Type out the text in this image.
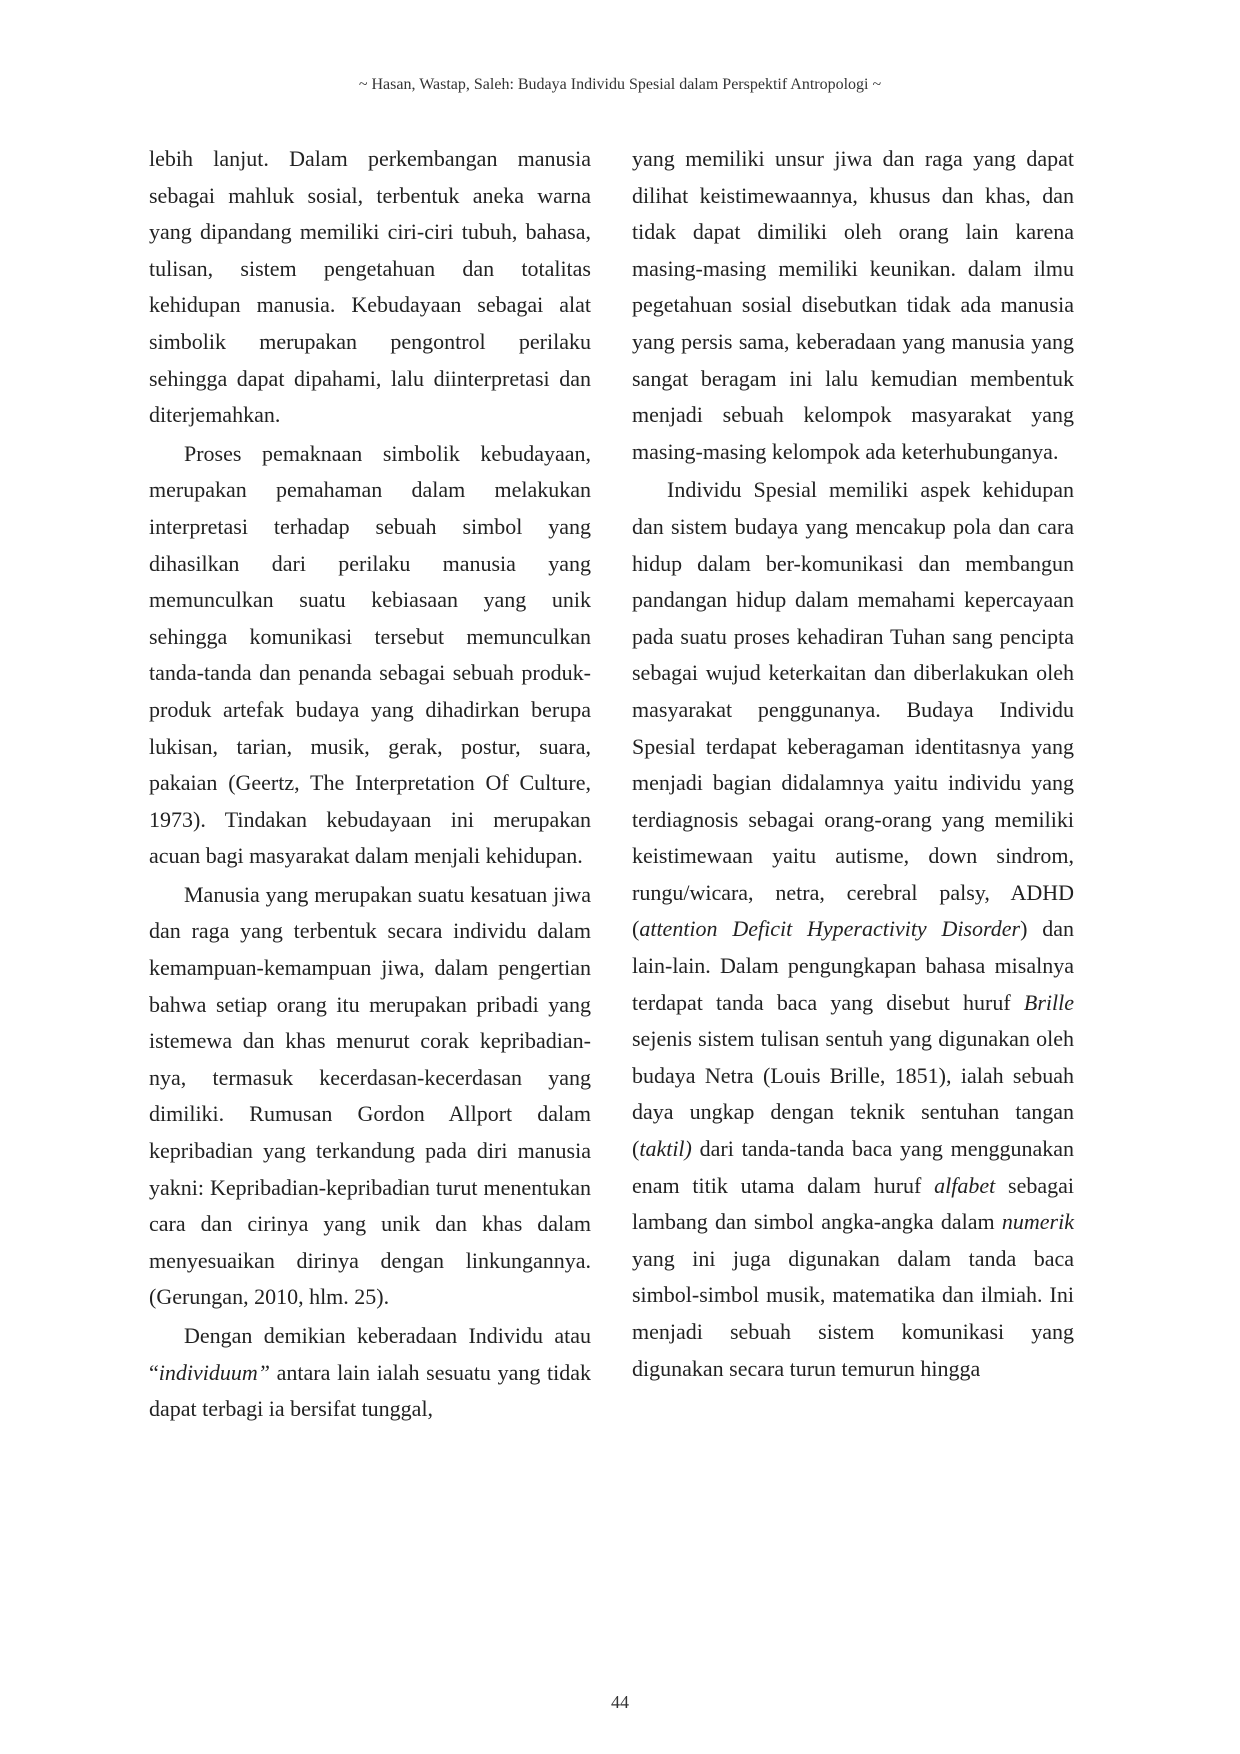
~ Hasan, Wastap, Saleh: Budaya Individu Spesial dalam Perspektif Antropologi ~

lebih lanjut. Dalam perkembangan manusia sebagai mahluk sosial, terbentuk aneka warna yang dipandang memiliki ciri-ciri tubuh, bahasa, tulisan, sistem pengetahuan dan totalitas kehidupan manusia. Kebudayaan sebagai alat simbolik merupakan pengontrol perilaku sehingga dapat dipahami, lalu diinterpretasi dan diterjemahkan.

Proses pemaknaan simbolik kebudayaan, merupakan pemahaman dalam melakukan interpretasi terhadap sebuah simbol yang dihasilkan dari perilaku manusia yang memunculkan suatu kebiasaan yang unik sehingga komunikasi tersebut memunculkan tanda-tanda dan penanda sebagai sebuah produk-produk artefak budaya yang dihadirkan berupa lukisan, tarian, musik, gerak, postur, suara, pakaian (Geertz, The Interpretation Of Culture, 1973). Tindakan kebudayaan ini merupakan acuan bagi masyarakat dalam menjali kehidupan.

Manusia yang merupakan suatu kesatuan jiwa dan raga yang terbentuk secara individu dalam kemampuan-kemampuan jiwa, dalam pengertian bahwa setiap orang itu merupakan pribadi yang istemewa dan khas menurut corak kepribadian-nya, termasuk kecerdasan-kecerdasan yang dimiliki. Rumusan Gordon Allport dalam kepribadian yang terkandung pada diri manusia yakni: Kepribadian-kepribadian turut menentukan cara dan cirinya yang unik dan khas dalam menyesuaikan dirinya dengan linkungannya. (Gerungan, 2010, hlm. 25).

Dengan demikian keberadaan Individu atau “individuum” antara lain ialah sesuatu yang tidak dapat terbagi ia bersifat tunggal,

yang memiliki unsur jiwa dan raga yang dapat dilihat keistimewaannya, khusus dan khas, dan tidak dapat dimiliki oleh orang lain karena masing-masing memiliki keunikan. dalam ilmu pegetahuan sosial disebutkan tidak ada manusia yang persis sama, keberadaan yang manusia yang sangat beragam ini lalu kemudian membentuk menjadi sebuah kelompok masyarakat yang masing-masing kelompok ada keterhubunganya.

Individu Spesial memiliki aspek kehidupan dan sistem budaya yang mencakup pola dan cara hidup dalam ber-komunikasi dan membangun pandangan hidup dalam memahami kepercayaan pada suatu proses kehadiran Tuhan sang pencipta sebagai wujud keterkaitan dan diberlakukan oleh masyarakat penggunanya. Budaya Individu Spesial terdapat keberagaman identitasnya yang menjadi bagian didalamnya yaitu individu yang terdiagnosis sebagai orang-orang yang memiliki keistimewaan yaitu autisme, down sindrom, rungu/wicara, netra, cerebral palsy, ADHD (attention Deficit Hyperactivity Disorder) dan lain-lain. Dalam pengungkapan bahasa misalnya terdapat tanda baca yang disebut huruf Brille sejenis sistem tulisan sentuh yang digunakan oleh budaya Netra (Louis Brille, 1851), ialah sebuah daya ungkap dengan teknik sentuhan tangan (taktil) dari tanda-tanda baca yang menggunakan enam titik utama dalam huruf alfabet sebagai lambang dan simbol angka-angka dalam numerik yang ini juga digunakan dalam tanda baca simbol-simbol musik, matematika dan ilmiah. Ini menjadi sebuah sistem komunikasi yang digunakan secara turun temurun hingga

44
